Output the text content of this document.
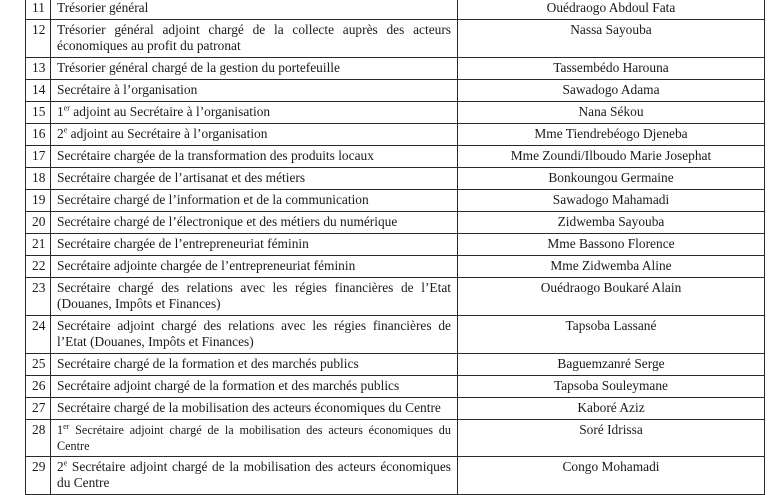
11	Trésorier général	Ouédraogo Abdoul Fata
12	Trésorier général adjoint chargé de la collecte auprès des acteurs économiques au profit du patronat	Nassa Sayouba
13	Trésorier général chargé de la gestion du portefeuille	Tassembédo Harouna
14	Secrétaire à l’organisation	Sawadogo Adama
15	1er adjoint au Secrétaire à l’organisation	Nana Sékou
16	2e adjoint au Secrétaire à l’organisation	Mme Tiendrebéogo Djeneba
17	Secrétaire chargée de la transformation des produits locaux	Mme Zoundi/Ilboudo Marie Josephat
18	Secrétaire chargée de l’artisanat et des métiers	Bonkoungou Germaine
19	Secrétaire chargé de l’information et de la communication	Sawadogo Mahamadi
20	Secrétaire chargé de l’électronique et des métiers du numérique	Zidwemba Sayouba
21	Secrétaire chargée de l’entrepreneuriat féminin	Mme Bassono Florence
22	Secrétaire adjointe chargée de l’entrepreneuriat féminin	Mme Zidwemba Aline
23	Secrétaire chargé des relations avec les régies financières de l’Etat (Douanes, Impôts et Finances)	Ouédraogo Boukaré Alain
24	Secrétaire adjoint chargé des relations avec les régies financières de l’Etat (Douanes, Impôts et Finances)	Tapsoba Lassané
25	Secrétaire chargé de la formation et des marchés publics	Baguemzanré Serge
26	Secrétaire adjoint chargé de la formation et des marchés publics	Tapsoba Souleymane
27	Secrétaire chargé de la mobilisation des acteurs économiques du Centre	Kaboré Aziz
28	1er Secrétaire adjoint chargé de la mobilisation des acteurs économiques du Centre	Soré Idrissa
29	2e Secrétaire adjoint chargé de la mobilisation des acteurs économiques du Centre	Congo Mohamadi
